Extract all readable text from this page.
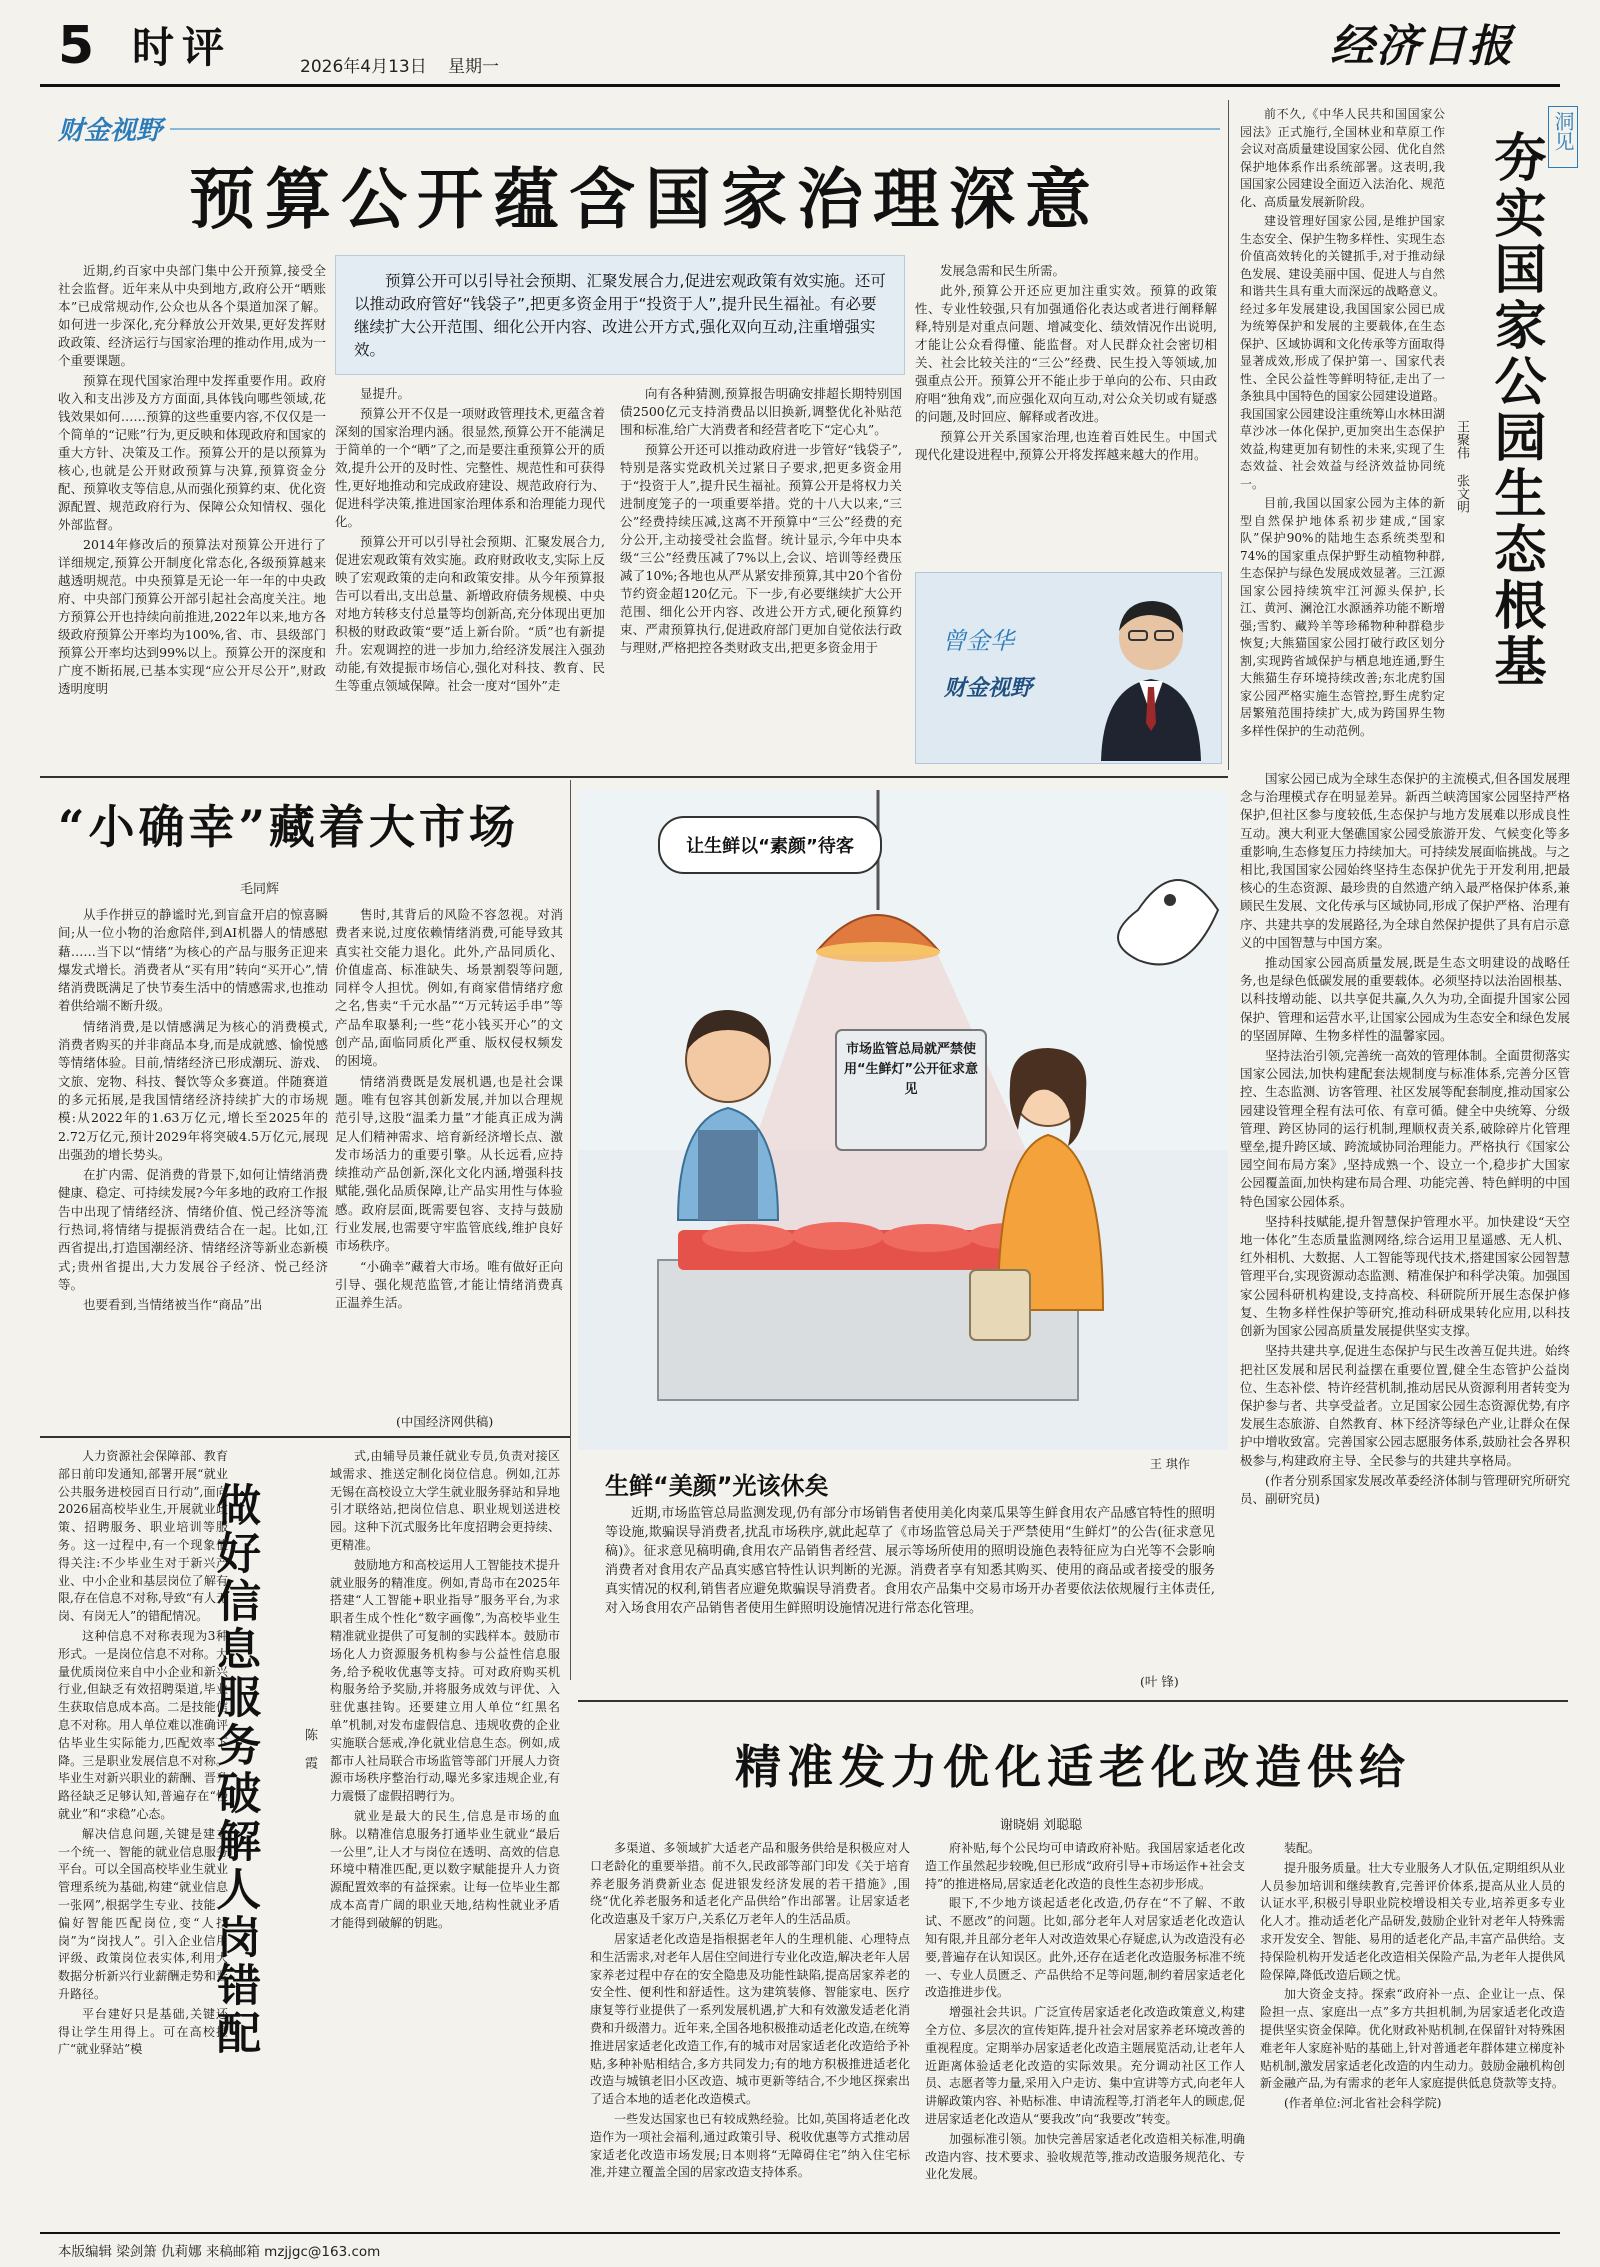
5 时评	2026年4月13日 星期一	经济日报
财金视野
预算公开蕴含国家治理深意

近期,约百家中央部门集中公开预算,接受全社会监督。近年来从中央到地方,政府公开“晒账本”已成常规动作,公众也从各个渠道加深了解。如何进一步深化,充分释放公开效果,更好发挥财政政策、经济运行与国家治理的推动作用,成为一个重要课题。

预算在现代国家治理中发挥重要作用。政府收入和支出涉及方方面面,具体钱向哪些领域,花钱效果如何……预算的这些重要内容,不仅仅是一个简单的“记账”行为,更反映和体现政府和国家的重大方针、决策及工作。预算公开的是以预算为核心,也就是公开财政预算与决算,预算资金分配、预算收支等信息,从而强化预算约束、优化资源配置、规范政府行为、保障公众知情权、强化外部监督。

2014年修改后的预算法对预算公开进行了详细规定,预算公开制度化常态化,各级预算越来越透明规范。中央预算是无论一年一年的中央政府、中央部门预算公开部引起社会高度关注。地方预算公开也持续向前推进,2022年以来,地方各级政府预算公开率均为100%,省、市、县级部门预算公开率均达到99%以上。预算公开的深度和广度不断拓展,已基本实现“应公开尽公开”,财政透明度明

预算公开可以引导社会预期、汇聚发展合力,促进宏观政策有效实施。还可以推动政府管好“钱袋子”,把更多资金用于“投资于人”,提升民生福祉。有必要继续扩大公开范围、细化公开内容、改进公开方式,强化双向互动,注重增强实效。

显提升。

预算公开不仅是一项财政管理技术,更蕴含着深刻的国家治理内涵。很显然,预算公开不能满足于简单的一个“晒”了之,而是要注重预算公开的质效,提升公开的及时性、完整性、规范性和可获得性,更好地推动和完成政府建设、规范政府行为、促进科学决策,推进国家治理体系和治理能力现代化。

预算公开可以引导社会预期、汇聚发展合力,促进宏观政策有效实施。政府财政收支,实际上反映了宏观政策的走向和政策安排。从今年预算报告可以看出,支出总量、新增政府债务规模、中央对地方转移支付总量等均创新高,充分体现出更加积极的财政政策“要”适上新台阶。“质”也有新提升。宏观调控的进一步加力,给经济发展注入强劲动能,有效提振市场信心,强化对科技、教育、民生等重点领域保障。社会一度对“国外”走

向有各种猜测,预算报告明确安排超长期特别国债2500亿元支持消费品以旧换新,调整优化补贴范围和标准,给广大消费者和经营者吃下“定心丸”。

预算公开还可以推动政府进一步管好“钱袋子”,特别是落实党政机关过紧日子要求,把更多资金用于“投资于人”,提升民生福祉。预算公开是将权力关进制度笼子的一项重要举措。党的十八大以来,“三公”经费持续压减,这离不开预算中“三公”经费的充分公开,主动接受社会监督。统计显示,今年中央本级“三公”经费压减了7%以上,会议、培训等经费压减了10%;各地也从严从紧安排预算,其中20个省份节约资金超120亿元。下一步,有必要继续扩大公开范围、细化公开内容、改进公开方式,硬化预算约束、严肃预算执行,促进政府部门更加自觉依法行政与理财,严格把控各类财政支出,把更多资金用于

发展急需和民生所需。

此外,预算公开还应更加注重实效。预算的政策性、专业性较强,只有加强通俗化表达或者进行阐释解释,特别是对重点问题、增减变化、绩效情况作出说明,才能让公众看得懂、能监督。对人民群众社会密切相关、社会比较关注的“三公”经费、民生投入等领域,加强重点公开。预算公开不能止步于单向的公布、只由政府唱“独角戏”,而应强化双向互动,对公众关切或有疑惑的问题,及时回应、解释或者改进。

预算公开关系国家治理,也连着百姓民生。中国式现代化建设进程中,预算公开将发挥越来越大的作用。

曾金华
财金视野

前不久,《中华人民共和国国家公园法》正式施行,全国林业和草原工作会议对高质量建设国家公园、优化自然保护地体系作出系统部署。这表明,我国国家公园建设全面迈入法治化、规范化、高质量发展新阶段。

建设管理好国家公园,是维护国家生态安全、保护生物多样性、实现生态价值高效转化的关键抓手,对于推动绿色发展、建设美丽中国、促进人与自然和谐共生具有重大而深远的战略意义。经过多年发展建设,我国国家公园已成为统筹保护和发展的主要载体,在生态保护、区域协调和文化传承等方面取得显著成效,形成了保护第一、国家代表性、全民公益性等鲜明特征,走出了一条独具中国特色的国家公园建设道路。我国国家公园建设注重统筹山水林田湖草沙冰一体化保护,更加突出生态保护效益,构建更加有韧性的未来,实现了生态效益、社会效益与经济效益协同统一。

目前,我国以国家公园为主体的新型自然保护地体系初步建成,“国家队”保护90%的陆地生态系统类型和74%的国家重点保护野生动植物种群,生态保护与绿色发展成效显著。三江源国家公园持续筑牢江河源头保护,长江、黄河、澜沧江水源涵养功能不断增强;雪豹、藏羚羊等珍稀物种种群稳步恢复;大熊猫国家公园打破行政区划分割,实现跨省域保护与栖息地连通,野生大熊猫生存环境持续改善;东北虎豹国家公园严格实施生态管控,野生虎豹定居繁殖范围持续扩大,成为跨国界生物多样性保护的生动范例。

洞见
夯实国家公园生态根基
王聚伟 张文明

国家公园已成为全球生态保护的主流模式,但各国发展理念与治理模式存在明显差异。新西兰峡湾国家公园坚持严格保护,但社区参与度较低,生态保护与地方发展难以形成良性互动。澳大利亚大堡礁国家公园受旅游开发、气候变化等多重影响,生态修复压力持续加大。可持续发展面临挑战。与之相比,我国国家公园始终坚持生态保护优先于开发利用,把最核心的生态资源、最珍贵的自然遗产纳入最严格保护体系,兼顾民生发展、文化传承与区域协同,形成了保护严格、治理有序、共建共享的发展路径,为全球自然保护提供了具有启示意义的中国智慧与中国方案。

推动国家公园高质量发展,既是生态文明建设的战略任务,也是绿色低碳发展的重要载体。必须坚持以法治固根基、以科技增动能、以共享促共赢,久久为功,全面提升国家公园保护、管理和运营水平,让国家公园成为生态安全和绿色发展的坚固屏障、生物多样性的温馨家园。

坚持法治引领,完善统一高效的管理体制。全面贯彻落实国家公园法,加快构建配套法规制度与标准体系,完善分区管控、生态监测、访客管理、社区发展等配套制度,推动国家公园建设管理全程有法可依、有章可循。健全中央统筹、分级管理、跨区协同的运行机制,理顺权责关系,破除碎片化管理壁垒,提升跨区域、跨流域协同治理能力。严格执行《国家公园空间布局方案》,坚持成熟一个、设立一个,稳步扩大国家公园覆盖面,加快构建布局合理、功能完善、特色鲜明的中国特色国家公园体系。

坚持科技赋能,提升智慧保护管理水平。加快建设“天空地一体化”生态质量监测网络,综合运用卫星遥感、无人机、红外相机、大数据、人工智能等现代技术,搭建国家公园智慧管理平台,实现资源动态监测、精准保护和科学决策。加强国家公园科研机构建设,支持高校、科研院所开展生态保护修复、生物多样性保护等研究,推动科研成果转化应用,以科技创新为国家公园高质量发展提供坚实支撑。

坚持共建共享,促进生态保护与民生改善互促共进。始终把社区发展和居民利益摆在重要位置,健全生态管护公益岗位、生态补偿、特许经营机制,推动居民从资源利用者转变为保护参与者、共享受益者。立足国家公园生态资源优势,有序发展生态旅游、自然教育、林下经济等绿色产业,让群众在保护中增收致富。完善国家公园志愿服务体系,鼓励社会各界积极参与,构建政府主导、全民参与的共建共享格局。

(作者分别系国家发展改革委经济体制与管理研究所研究员、副研究员)

“小确幸”藏着大市场
毛同辉

从手作拼豆的静谧时光,到盲盒开启的惊喜瞬间;从一位小物的治愈陪伴,到AI机器人的情感慰藉……当下以“情绪”为核心的产品与服务正迎来爆发式增长。消费者从“买有用”转向“买开心”,情绪消费既满足了快节奏生活中的情感需求,也推动着供给端不断升级。

情绪消费,是以情感满足为核心的消费模式,消费者购买的并非商品本身,而是成就感、愉悦感等情绪体验。目前,情绪经济已形成潮玩、游戏、文旅、宠物、科技、餐饮等众多赛道。伴随赛道的多元拓展,是我国情绪经济持续扩大的市场规模:从2022年的1.63万亿元,增长至2025年的2.72万亿元,预计2029年将突破4.5万亿元,展现出强劲的增长势头。

在扩内需、促消费的背景下,如何让情绪消费健康、稳定、可持续发展?今年多地的政府工作报告中出现了情绪经济、情绪价值、悦己经济等流行热词,将情绪与提振消费结合在一起。比如,江西省提出,打造国潮经济、情绪经济等新业态新模式;贵州省提出,大力发展谷子经济、悦己经济等。

也要看到,当情绪被当作“商品”出

售时,其背后的风险不容忽视。对消费者来说,过度依赖情绪消费,可能导致其真实社交能力退化。此外,产品同质化、价值虚高、标准缺失、场景割裂等问题,同样令人担忧。例如,有商家借情绪疗愈之名,售卖“千元水晶”“万元转运手串”等产品牟取暴利;一些“花小钱买开心”的文创产品,面临同质化严重、版权侵权频发的困境。

情绪消费既是发展机遇,也是社会课题。唯有包容其创新发展,并加以合理规范引导,这股“温柔力量”才能真正成为满足人们精神需求、培育新经济增长点、激发市场活力的重要引擎。从长远看,应持续推动产品创新,深化文化内涵,增强科技赋能,强化品质保障,让产品实用性与体验感。政府层面,既需要包容、支持与鼓励行业发展,也需要守牢监管底线,维护良好市场秩序。

“小确幸”藏着大市场。唯有做好正向引导、强化规范监管,才能让情绪消费真正温养生活。

(中国经济网供稿)
让生鲜以“素颜”待客
市场监管总局就严禁使用“生鲜灯”公开征求意见
王 琪作
生鲜“美颜”光该休矣

近期,市场监管总局监测发现,仍有部分市场销售者使用美化肉菜瓜果等生鲜食用农产品感官特性的照明等设施,欺骗误导消费者,扰乱市场秩序,就此起草了《市场监管总局关于严禁使用“生鲜灯”的公告(征求意见稿)》。征求意见稿明确,食用农产品销售者经营、展示等场所使用的照明设施色表特征应为白光等不会影响消费者对食用农产品真实感官特性认识判断的光源。消费者享有知悉其购买、使用的商品或者接受的服务真实情况的权利,销售者应避免欺骗误导消费者。食用农产品集中交易市场开办者要依法依规履行主体责任,对入场食用农产品销售者使用生鲜照明设施情况进行常态化管理。

(叶 锋)

人力资源社会保障部、教育部日前印发通知,部署开展“就业公共服务进校园百日行动”,面向2026届高校毕业生,开展就业政策、招聘服务、职业培训等服务。这一过程中,有一个现象值得关注:不少毕业生对于新兴产业、中小企业和基层岗位了解有限,存在信息不对称,导致“有人无岗、有岗无人”的错配情况。

这种信息不对称表现为3种形式。一是岗位信息不对称。大量优质岗位来自中小企业和新兴行业,但缺乏有效招聘渠道,毕业生获取信息成本高。二是技能信息不对称。用人单位难以准确评估毕业生实际能力,匹配效率下降。三是职业发展信息不对称。毕业生对新兴职业的薪酬、晋升路径缺乏足够认知,普遍存在“慢就业”和“求稳”心态。

解决信息问题,关键是建立一个统一、智能的就业信息服务平台。可以全国高校毕业生就业管理系统为基础,构建“就业信息一张网”,根据学生专业、技能、偏好智能匹配岗位,变“人找岗”为“岗找人”。引入企业信用评级、政策岗位表实体,利用大数据分析新兴行业薪酬走势和晋升路径。

平台建好只是基础,关键还得让学生用得上。可在高校推广“就业驿站”模	做好信息服务破解人岗错配	陈 霞

式,由辅导员兼任就业专员,负责对接区域需求、推送定制化岗位信息。例如,江苏无锡在高校设立大学生就业服务驿站和异地引才联络站,把岗位信息、职业规划送进校园。这种下沉式服务比年度招聘会更持续、更精准。

鼓励地方和高校运用人工智能技术提升就业服务的精准度。例如,青岛市在2025年搭建“人工智能+职业指导”服务平台,为求职者生成个性化“数字画像”,为高校毕业生精准就业提供了可复制的实践样本。鼓励市场化人力资源服务机构参与公益性信息服务,给予税收优惠等支持。可对政府购买机构服务给予奖励,并将服务成效与评优、入驻优惠挂钩。还要建立用人单位“红黑名单”机制,对发布虚假信息、违规收费的企业实施联合惩戒,净化就业信息生态。例如,成都市人社局联合市场监管等部门开展人力资源市场秩序整治行动,曝光多家违规企业,有力震慑了虚假招聘行为。

就业是最大的民生,信息是市场的血脉。以精准信息服务打通毕业生就业“最后一公里”,让人才与岗位在透明、高效的信息环境中精准匹配,更以数字赋能提升人力资源配置效率的有益探索。让每一位毕业生都成本高青广阔的职业天地,结构性就业矛盾才能得到破解的钥匙。

精准发力优化适老化改造供给
谢晓娟 刘聪聪

多渠道、多领域扩大适老产品和服务供给是积极应对人口老龄化的重要举措。前不久,民政部等部门印发《关于培育养老服务消费新业态 促进银发经济发展的若干措施》,围绕“优化养老服务和适老化产品供给”作出部署。让居家适老化改造惠及千家万户,关系亿万老年人的生活品质。

居家适老化改造是指根据老年人的生理机能、心理特点和生活需求,对老年人居住空间进行专业化改造,解决老年人居家养老过程中存在的安全隐患及功能性缺陷,提高居家养老的安全性、便利性和舒适性。这为建筑装修、智能家电、医疗康复等行业提供了一系列发展机遇,扩大和有效激发适老化消费和升级潜力。近年来,全国各地积极推动适老化改造,在统筹推进居家适老化改造工作,有的城市对居家适老化改造给予补贴,多种补贴相结合,多方共同发力;有的地方积极推进适老化改造与城镇老旧小区改造、城市更新等结合,不少地区探索出了适合本地的适老化改造模式。

一些发达国家也已有较成熟经验。比如,英国将适老化改造作为一项社会福利,通过政策引导、税收优惠等方式推动居家适老化改造市场发展;日本则将“无障碍住宅”纳入住宅标准,并建立覆盖全国的居家改造支持体系。

府补贴,每个公民均可申请政府补贴。我国居家适老化改造工作虽然起步较晚,但已形成“政府引导+市场运作+社会支持”的推进格局,居家适老化改造的良性生态初步形成。

眼下,不少地方谈起适老化改造,仍存在“不了解、不敢试、不愿改”的问题。比如,部分老年人对居家适老化改造认知有限,并且部分老年人对改造效果心存疑虑,认为改造没有必要,普遍存在认知误区。此外,还存在适老化改造服务标准不统一、专业人员匮乏、产品供给不足等问题,制约着居家适老化改造推进步伐。

增强社会共识。广泛宣传居家适老化改造政策意义,构建全方位、多层次的宣传矩阵,提升社会对居家养老环境改善的重视程度。定期举办居家适老化改造主题展览活动,让老年人近距离体验适老化改造的实际效果。充分调动社区工作人员、志愿者等力量,采用入户走访、集中宣讲等方式,向老年人讲解政策内容、补贴标准、申请流程等,打消老年人的顾虑,促进居家适老化改造从“要我改”向“我要改”转变。

加强标准引领。加快完善居家适老化改造相关标准,明确改造内容、技术要求、验收规范等,推动改造服务规范化、专业化发展。

装配。

提升服务质量。壮大专业服务人才队伍,定期组织从业人员参加培训和继续教育,完善评价体系,提高从业人员的认证水平,积极引导职业院校增设相关专业,培养更多专业化人才。推动适老化产品研发,鼓励企业针对老年人特殊需求开发安全、智能、易用的适老化产品,丰富产品供给。支持保险机构开发适老化改造相关保险产品,为老年人提供风险保障,降低改造后顾之忧。

加大资金支持。探索“政府补一点、企业让一点、保险担一点、家庭出一点”多方共担机制,为居家适老化改造提供坚实资金保障。优化财政补贴机制,在保留针对特殊困难老年人家庭补贴的基础上,针对普通老年群体建立梯度补贴机制,激发居家适老化改造的内生动力。鼓励金融机构创新金融产品,为有需求的老年人家庭提供低息贷款等支持。

(作者单位:河北省社会科学院)

本版编辑 梁剑箫 仇莉娜 来稿邮箱 mzjjgc@163.com
